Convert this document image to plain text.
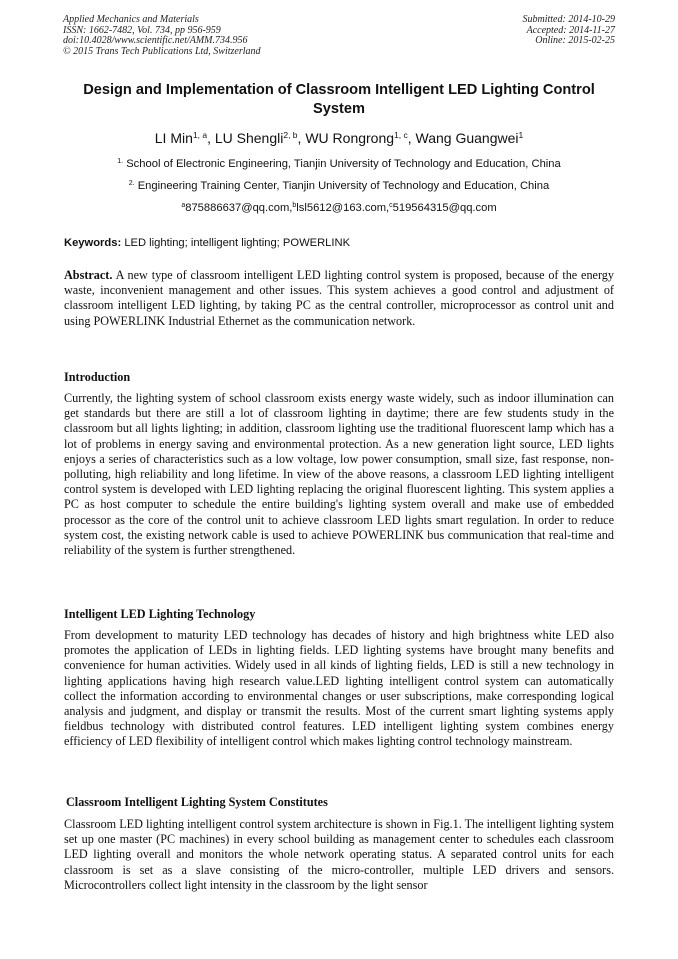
Applied Mechanics and Materials
ISSN: 1662-7482, Vol. 734, pp 956-959
doi:10.4028/www.scientific.net/AMM.734.956
© 2015 Trans Tech Publications Ltd, Switzerland
Submitted: 2014-10-29
Accepted: 2014-11-27
Online: 2015-02-25
Design and Implementation of Classroom Intelligent LED Lighting Control System
LI Min$^{1, a}$, LU Shengli$^{2, b}$, WU Rongrong$^{1, c}$, Wang Guangwei$^1$
$^{1.}$ School of Electronic Engineering, Tianjin University of Technology and Education, China
$^{2.}$ Engineering Training Center, Tianjin University of Technology and Education, China
$^a$875886637@qq.com,$^b$lsl5612@163.com,$^c$519564315@qq.com
Keywords: LED lighting; intelligent lighting; POWERLINK
Abstract. A new type of classroom intelligent LED lighting control system is proposed, because of the energy waste, inconvenient management and other issues. This system achieves a good control and adjustment of classroom intelligent LED lighting, by taking PC as the central controller, microprocessor as control unit and using POWERLINK Industrial Ethernet as the communication network.
Introduction
Currently, the lighting system of school classroom exists energy waste widely, such as indoor illumination can get standards but there are still a lot of classroom lighting in daytime; there are few students study in the classroom but all lights lighting; in addition, classroom lighting use the traditional fluorescent lamp which has a lot of problems in energy saving and environmental protection. As a new generation light source, LED lights enjoys a series of characteristics such as a low voltage, low power consumption, small size, fast response, non-polluting, high reliability and long lifetime. In view of the above reasons, a classroom LED lighting intelligent control system is developed with LED lighting replacing the original fluorescent lighting. This system applies a PC as host computer to schedule the entire building's lighting system overall and make use of embedded processor as the core of the control unit to achieve classroom LED lights smart regulation. In order to reduce system cost, the existing network cable is used to achieve POWERLINK bus communication that real-time and reliability of the system is further strengthened.
Intelligent LED Lighting Technology
From development to maturity LED technology has decades of history and high brightness white LED also promotes the application of LEDs in lighting fields. LED lighting systems have brought many benefits and convenience for human activities. Widely used in all kinds of lighting fields, LED is still a new technology in lighting applications having high research value.LED lighting intelligent control system can automatically collect the information according to environmental changes or user subscriptions, make corresponding logical analysis and judgment, and display or transmit the results. Most of the current smart lighting systems apply fieldbus technology with distributed control features. LED intelligent lighting system combines energy efficiency of LED flexibility of intelligent control which makes lighting control technology mainstream.
Classroom Intelligent Lighting System Constitutes
Classroom LED lighting intelligent control system architecture is shown in Fig.1. The intelligent lighting system set up one master (PC machines) in every school building as management center to schedules each classroom LED lighting overall and monitors the whole network operating status. A separated control units for each classroom is set as a slave consisting of the micro-controller, multiple LED drivers and sensors. Microcontrollers collect light intensity in the classroom by the light sensor
